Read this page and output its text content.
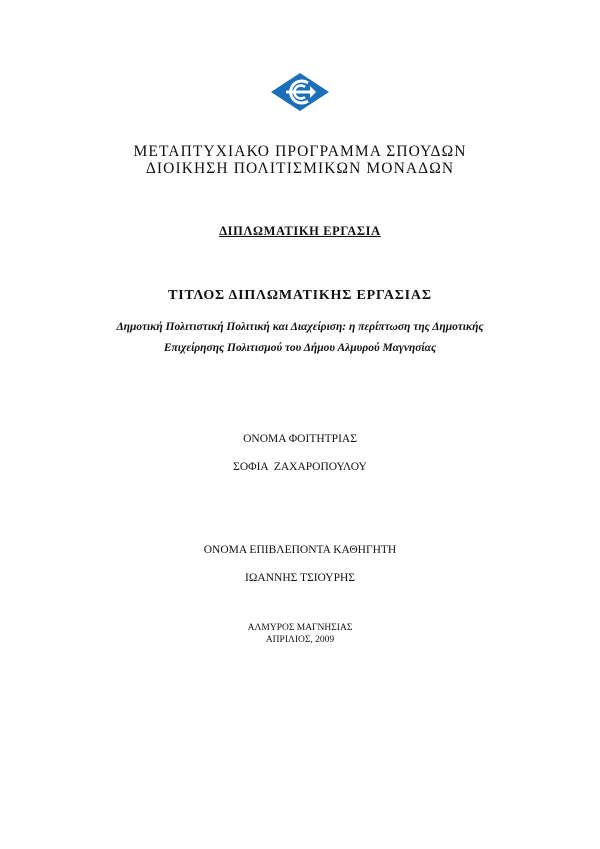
ΜΕΤΑΠΤΥΧΙΑΚΟ ΠΡΟΓΡΑΜΜΑ ΣΠΟΥΔΩΝ
ΔΙΟΙΚΗΣΗ ΠΟΛΙΤΙΣΜΙΚΩΝ ΜΟΝΑΔΩΝ
ΔΙΠΛΩΜΑΤΙΚΗ ΕΡΓΑΣΙΑ
ΤΙΤΛΟΣ ΔΙΠΛΩΜΑΤΙΚΗΣ ΕΡΓΑΣΙΑΣ
Δημοτική Πολιτιστική Πολιτική και Διαχείριση: η περίπτωση της Δημοτικής
Επιχείρησης Πολιτισμού του Δήμου Αλμυρού Μαγνησίας
ΟΝΟΜΑ ΦΟΙΤΗΤΡΙΑΣ
ΣΟΦΙΑ  ΖΑΧΑΡΟΠΟΥΛΟΥ
ΟΝΟΜΑ ΕΠΙΒΛΕΠΟΝΤΑ ΚΑΘΗΓΗΤΗ
ΙΩΑΝΝΗΣ ΤΣΙΟΥΡΗΣ
ΑΛΜΥΡΟΣ ΜΑΓΝΗΣΙΑΣ
ΑΠΡΙΛΙΟΣ, 2009
